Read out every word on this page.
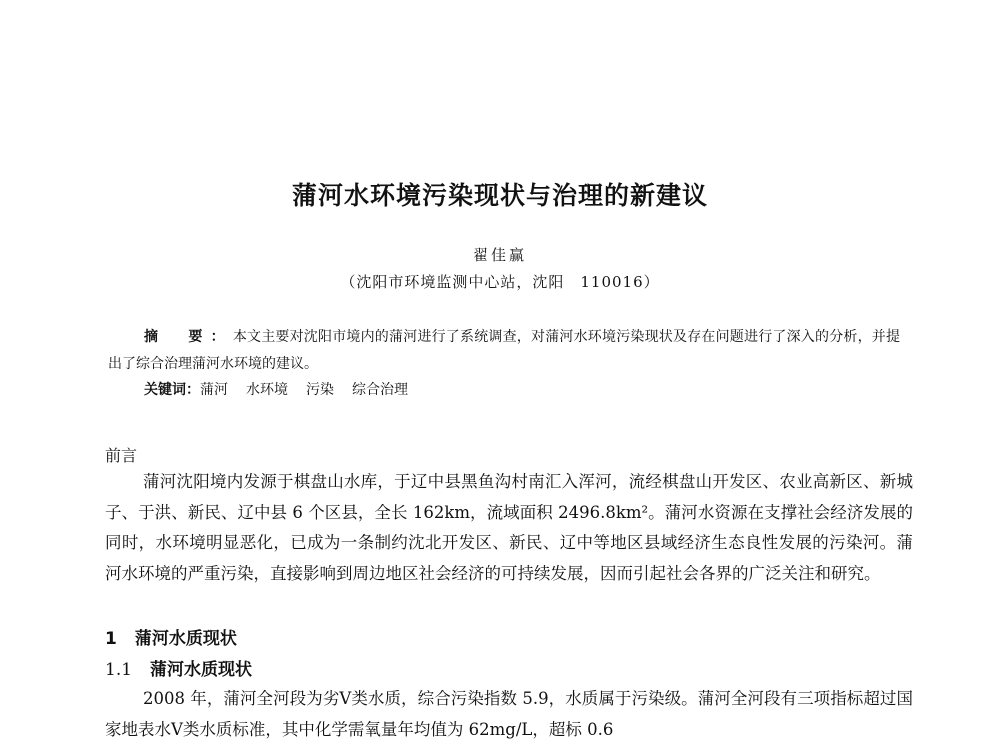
蒲河水环境污染现状与治理的新建议
翟佳赢
（沈阳市环境监测中心站，沈阳　110016）
摘　要：本文主要对沈阳市境内的蒲河进行了系统调查，对蒲河水环境污染现状及存在问题进行了深入的分析，并提出了综合治理蒲河水环境的建议。
关键词：蒲河 水环境 污染 综合治理
前言
蒲河沈阳境内发源于棋盘山水库，于辽中县黑鱼沟村南汇入浑河，流经棋盘山开发区、农业高新区、新城子、于洪、新民、辽中县 6 个区县，全长 162km，流域面积 2496.8km²。蒲河水资源在支撑社会经济发展的同时，水环境明显恶化，已成为一条制约沈北开发区、新民、辽中等地区县域经济生态良性发展的污染河。蒲河水环境的严重污染，直接影响到周边地区社会经济的可持续发展，因而引起社会各界的广泛关注和研究。
1 蒲河水质现状
1.1 蒲河水质现状
2008 年，蒲河全河段为劣Ⅴ类水质，综合污染指数 5.9，水质属于污染级。蒲河全河段有三项指标超过国家地表水Ⅴ类水质标准，其中化学需氧量年均值为 62mg/L，超标 0.6
